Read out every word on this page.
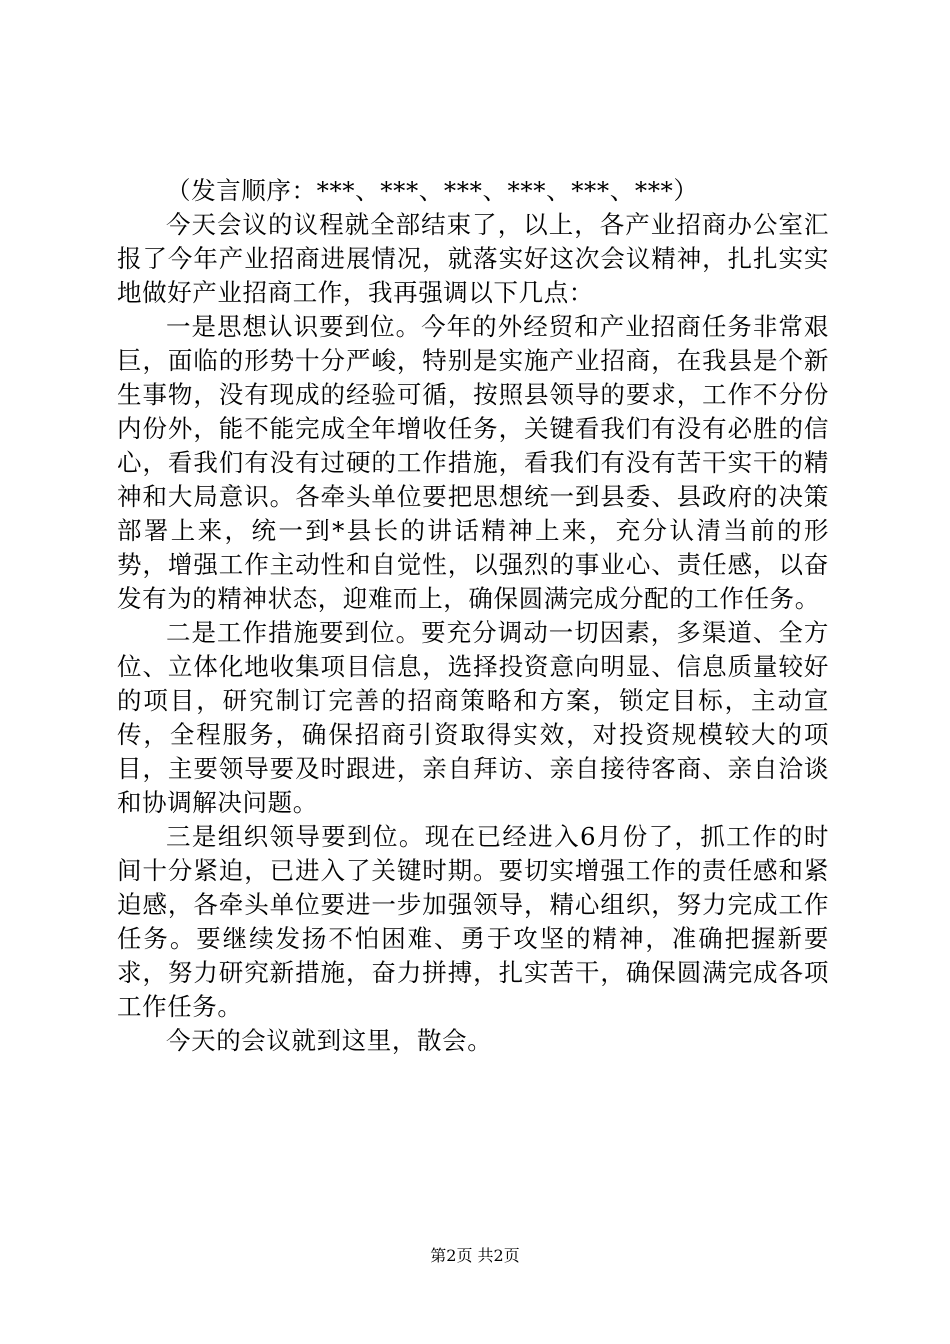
（发言顺序：***、***、***、***、***、***）

今天会议的议程就全部结束了，以上，各产业招商办公室汇报了今年产业招商进展情况，就落实好这次会议精神，扎扎实实地做好产业招商工作，我再强调以下几点：

一是思想认识要到位。今年的外经贸和产业招商任务非常艰巨，面临的形势十分严峻，特别是实施产业招商，在我县是个新生事物，没有现成的经验可循，按照县领导的要求，工作不分份内份外，能不能完成全年增收任务，关键看我们有没有必胜的信心，看我们有没有过硬的工作措施，看我们有没有苦干实干的精神和大局意识。各牵头单位要把思想统一到县委、县政府的决策部署上来，统一到*县长的讲话精神上来，充分认清当前的形势，增强工作主动性和自觉性，以强烈的事业心、责任感，以奋发有为的精神状态，迎难而上，确保圆满完成分配的工作任务。

二是工作措施要到位。要充分调动一切因素，多渠道、全方位、立体化地收集项目信息，选择投资意向明显、信息质量较好的项目，研究制订完善的招商策略和方案，锁定目标，主动宣传，全程服务，确保招商引资取得实效，对投资规模较大的项目，主要领导要及时跟进，亲自拜访、亲自接待客商、亲自洽谈和协调解决问题。

三是组织领导要到位。现在已经进入6月份了，抓工作的时间十分紧迫，已进入了关键时期。要切实增强工作的责任感和紧迫感，各牵头单位要进一步加强领导，精心组织，努力完成工作任务。要继续发扬不怕困难、勇于攻坚的精神，准确把握新要求，努力研究新措施，奋力拼搏，扎实苦干，确保圆满完成各项工作任务。

今天的会议就到这里，散会。

第2页 共2页
